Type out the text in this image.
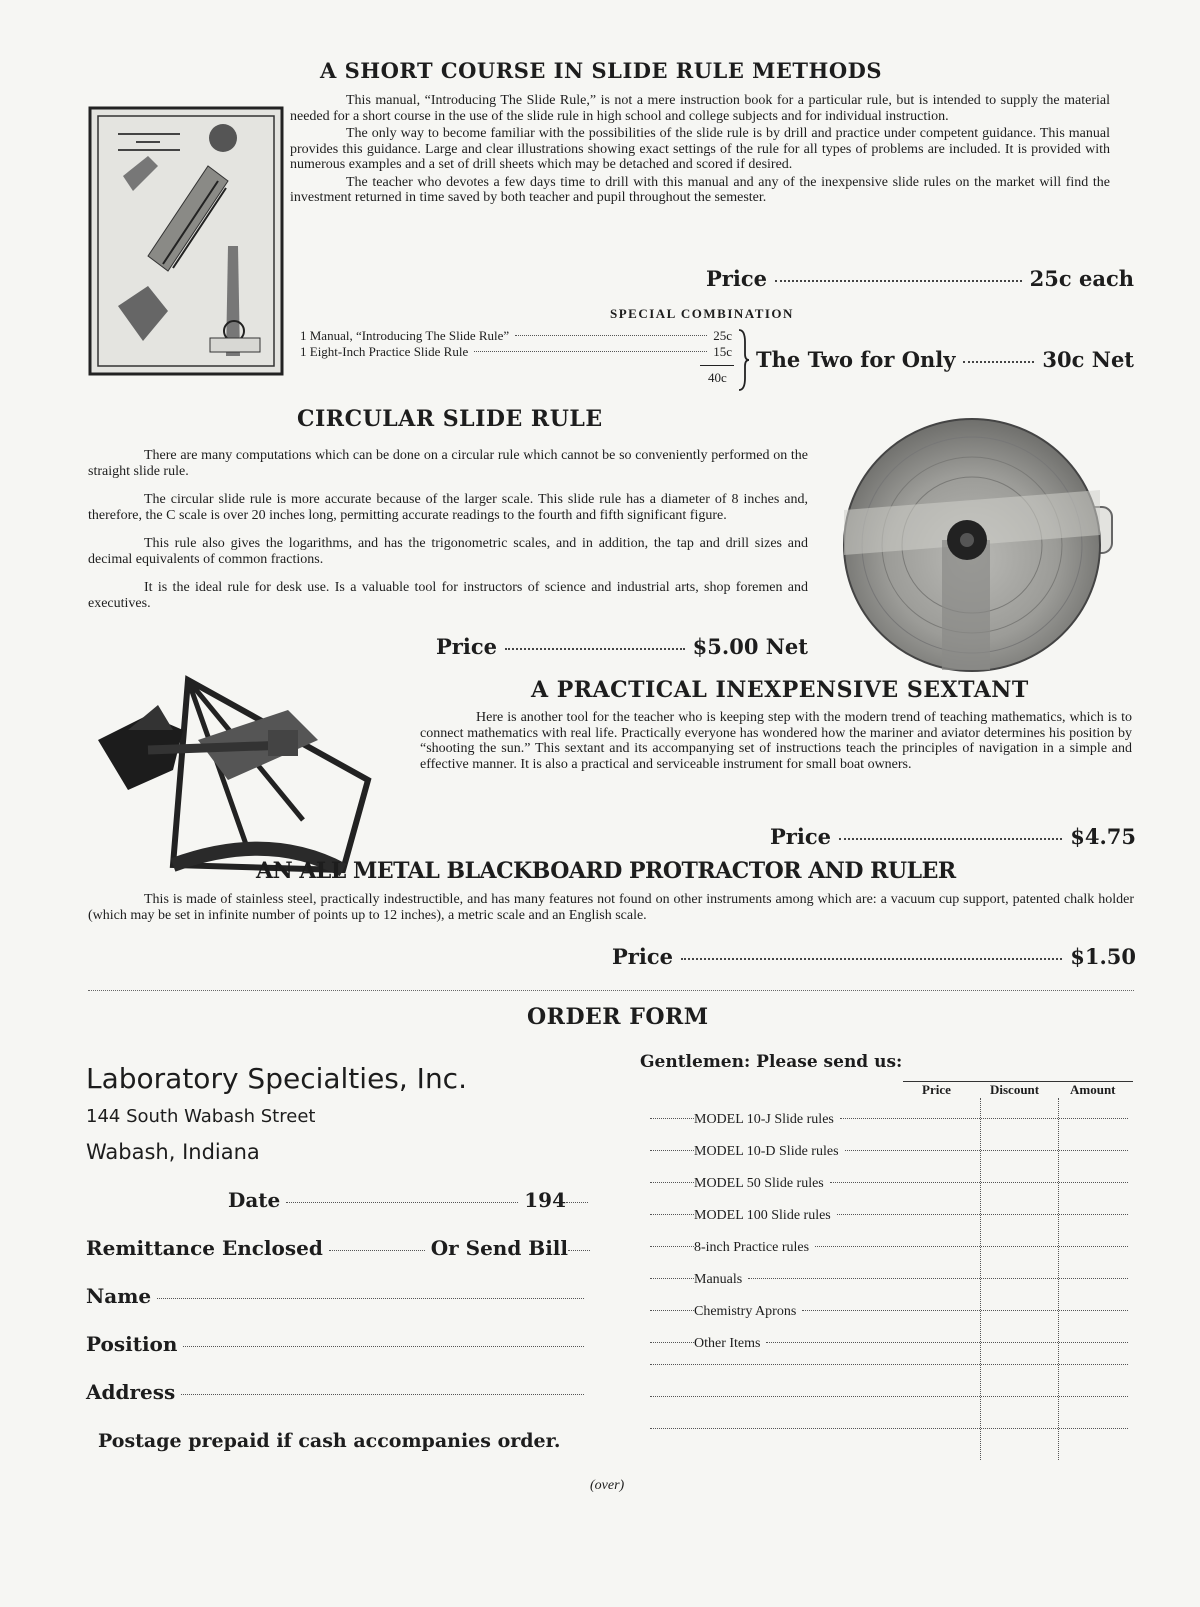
A SHORT COURSE IN SLIDE RULE METHODS

This manual, “Introducing The Slide Rule,” is not a mere instruction book for a particular rule, but is intended to supply the material needed for a short course in the use of the slide rule in high school and college subjects and for individual instruction.

The only way to become familiar with the possibilities of the slide rule is by drill and practice under competent guidance. This manual provides this guidance. Large and clear illustrations showing exact settings of the rule for all types of problems are included. It is provided with numerous examples and a set of drill sheets which may be detached and scored if desired.

The teacher who devotes a few days time to drill with this manual and any of the inexpensive slide rules on the market will find the investment returned in time saved by both teacher and pupil throughout the semester.

Price	25c each
SPECIAL COMBINATION
1 Manual, “Introducing The Slide Rule”	25c
1 Eight-Inch Practice Slide Rule	15c
40c
The Two for Only	30c Net
CIRCULAR SLIDE RULE

There are many computations which can be done on a circular rule which cannot be so conveniently performed on the straight slide rule.

The circular slide rule is more accurate because of the larger scale. This slide rule has a diameter of 8 inches and, therefore, the C scale is over 20 inches long, permitting accurate readings to the fourth and fifth significant figure.

This rule also gives the logarithms, and has the trigonometric scales, and in addition, the tap and drill sizes and decimal equivalents of common fractions.

It is the ideal rule for desk use. Is a valuable tool for instructors of science and industrial arts, shop foremen and executives.

Price	$5.00 Net
A PRACTICAL INEXPENSIVE SEXTANT

Here is another tool for the teacher who is keeping step with the modern trend of teaching mathematics, which is to connect mathematics with real life. Practically everyone has wondered how the mariner and aviator determines his position by “shooting the sun.” This sextant and its accompanying set of instructions teach the principles of navigation in a simple and effective manner. It is also a practical and serviceable instrument for small boat owners.

Price	$4.75
AN ALL METAL BLACKBOARD PROTRACTOR AND RULER

This is made of stainless steel, practically indestructible, and has many features not found on other instruments among which are: a vacuum cup support, patented chalk holder (which may be set in infinite number of points up to 12 inches), a metric scale and an English scale.

Price	$1.50
ORDER FORM
Laboratory Specialties, Inc.
144 South Wabash Street
Wabash, Indiana
Date	194
Remittance Enclosed	Or Send Bill
Name
Position
Address
Postage prepaid if cash accompanies order.
Gentlemen: Please send us:
Price	Discount Amount
MODEL 10-J Slide rules
MODEL 10-D Slide rules
MODEL 50 Slide rules
MODEL 100 Slide rules
8-inch Practice rules
Manuals
Chemistry Aprons
Other Items
(over)
